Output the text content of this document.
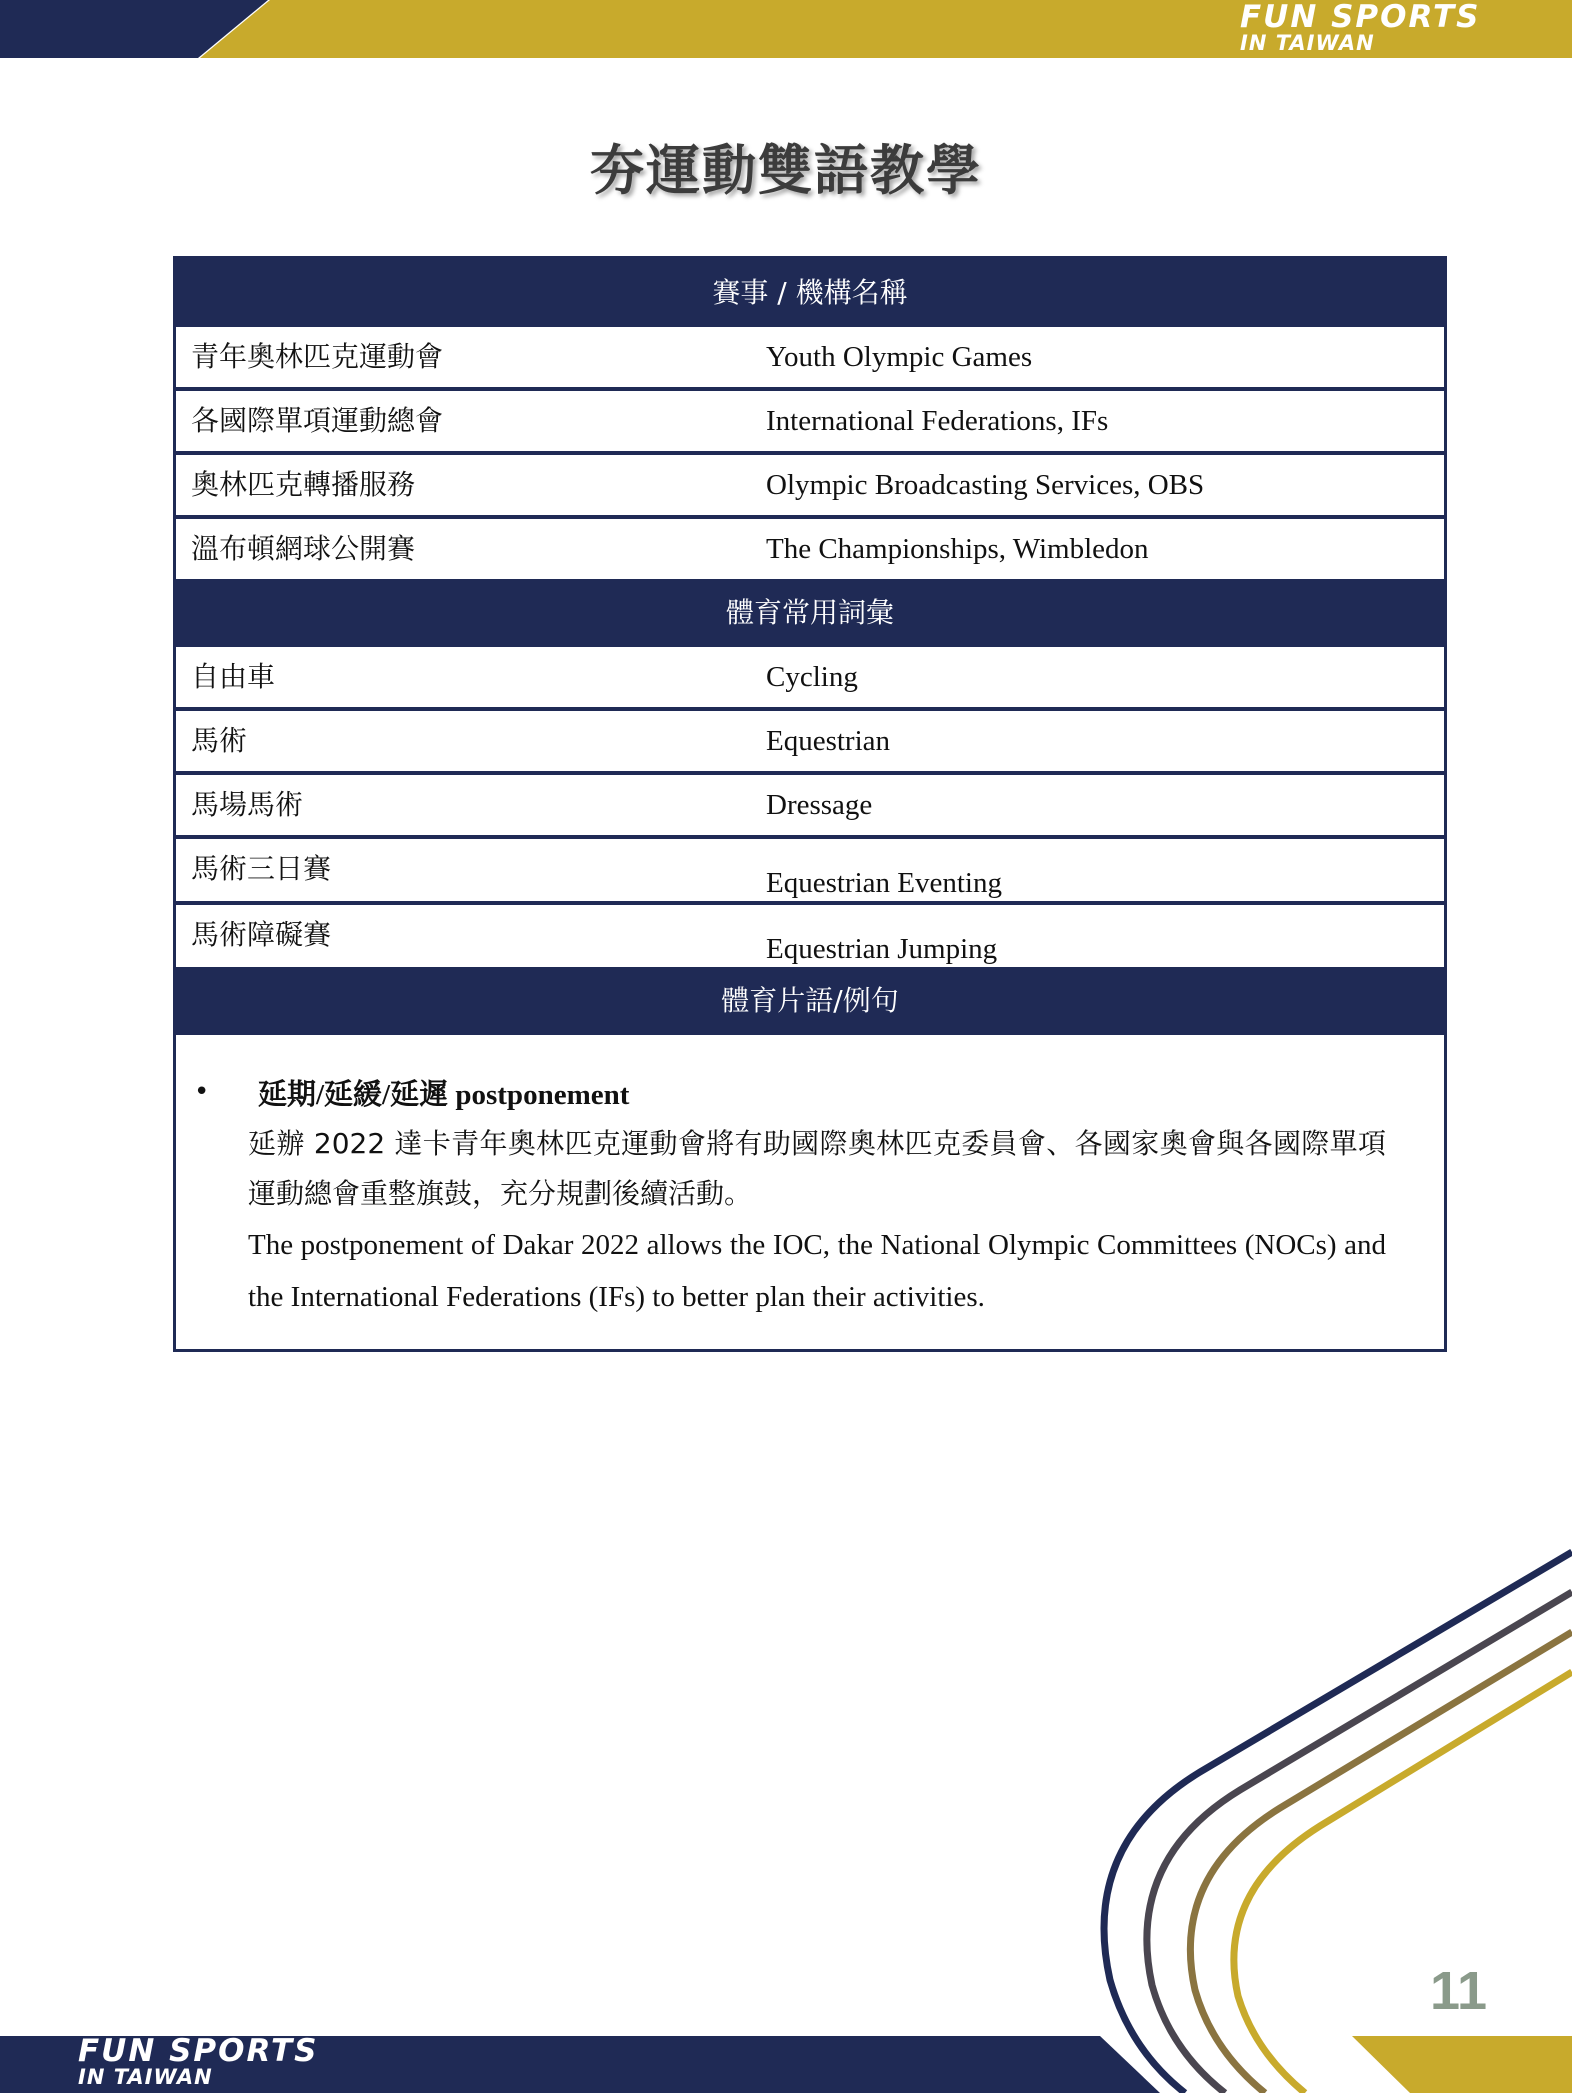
FUN SPORTS
IN TAIWAN
夯運動雙語教學
賽事 / 機構名稱
青年奧林匹克運動會	Youth Olympic Games
各國際單項運動總會	International Federations, IFs
奧林匹克轉播服務	Olympic Broadcasting Services, OBS
溫布頓網球公開賽	The Championships, Wimbledon
體育常用詞彙
自由車	Cycling
馬術	Equestrian
馬場馬術	Dressage
馬術三日賽	Equestrian Eventing
馬術障礙賽	Equestrian Jumping
體育片語/例句
• 延期/延緩/延遲 postponement
延辦 2022 達卡青年奧林匹克運動會將有助國際奧林匹克委員會、各國家奧會與各國際單項運動總會重整旗鼓，充分規劃後續活動。
The postponement of Dakar 2022 allows the IOC, the National Olympic Committees (NOCs) and the International Federations (IFs) to better plan their activities.
11
FUN SPORTS
IN TAIWAN
